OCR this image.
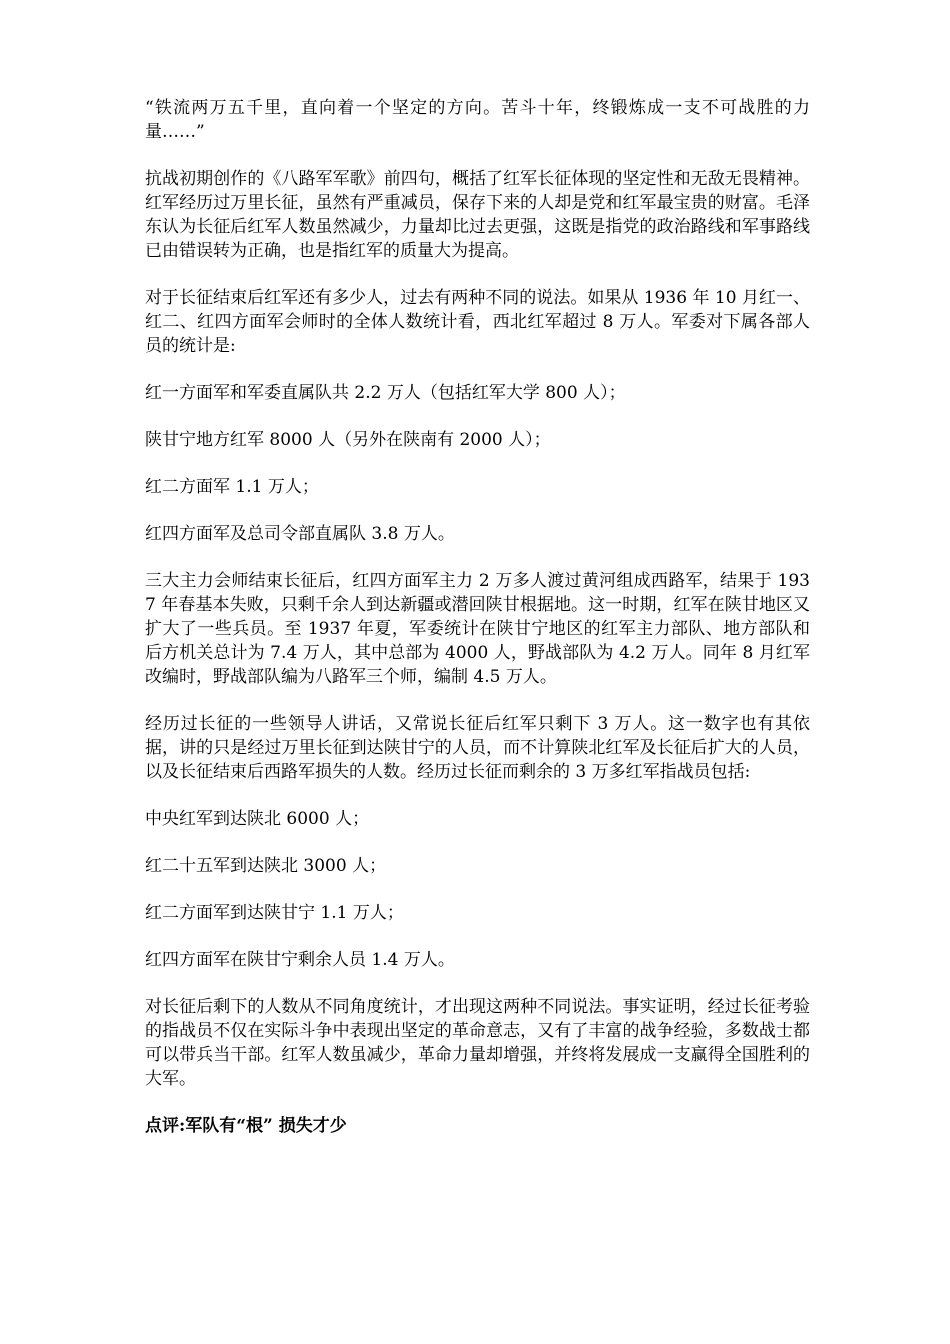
“铁流两万五千里，直向着一个坚定的方向。苦斗十年，终锻炼成一支不可战胜的力量……”

抗战初期创作的《八路军军歌》前四句，概括了红军长征体现的坚定性和无敌无畏精神。红军经历过万里长征，虽然有严重减员，保存下来的人却是党和红军最宝贵的财富。毛泽东认为长征后红军人数虽然减少，力量却比过去更强，这既是指党的政治路线和军事路线已由错误转为正确，也是指红军的质量大为提高。

对于长征结束后红军还有多少人，过去有两种不同的说法。如果从 1936 年 10 月红一、红二、红四方面军会师时的全体人数统计看，西北红军超过 8 万人。军委对下属各部人员的统计是:

红一方面军和军委直属队共 2.2 万人（包括红军大学 800 人）；

陕甘宁地方红军 8000 人（另外在陕南有 2000 人）；

红二方面军 1.1 万人；

红四方面军及总司令部直属队 3.8 万人。

三大主力会师结束长征后，红四方面军主力 2 万多人渡过黄河组成西路军，结果于 1937 年春基本失败，只剩千余人到达新疆或潜回陕甘根据地。这一时期，红军在陕甘地区又扩大了一些兵员。至 1937 年夏，军委统计在陕甘宁地区的红军主力部队、地方部队和后方机关总计为 7.4 万人，其中总部为 4000 人，野战部队为 4.2 万人。同年 8 月红军改编时，野战部队编为八路军三个师，编制 4.5 万人。

经历过长征的一些领导人讲话，又常说长征后红军只剩下 3 万人。这一数字也有其依据，讲的只是经过万里长征到达陕甘宁的人员，而不计算陕北红军及长征后扩大的人员，以及长征结束后西路军损失的人数。经历过长征而剩余的 3 万多红军指战员包括:

中央红军到达陕北 6000 人；

红二十五军到达陕北 3000 人；

红二方面军到达陕甘宁 1.1 万人；

红四方面军在陕甘宁剩余人员 1.4 万人。

对长征后剩下的人数从不同角度统计，才出现这两种不同说法。事实证明，经过长征考验的指战员不仅在实际斗争中表现出坚定的革命意志，又有了丰富的战争经验，多数战士都可以带兵当干部。红军人数虽减少，革命力量却增强，并终将发展成一支赢得全国胜利的大军。

点评:军队有“根” 损失才少
